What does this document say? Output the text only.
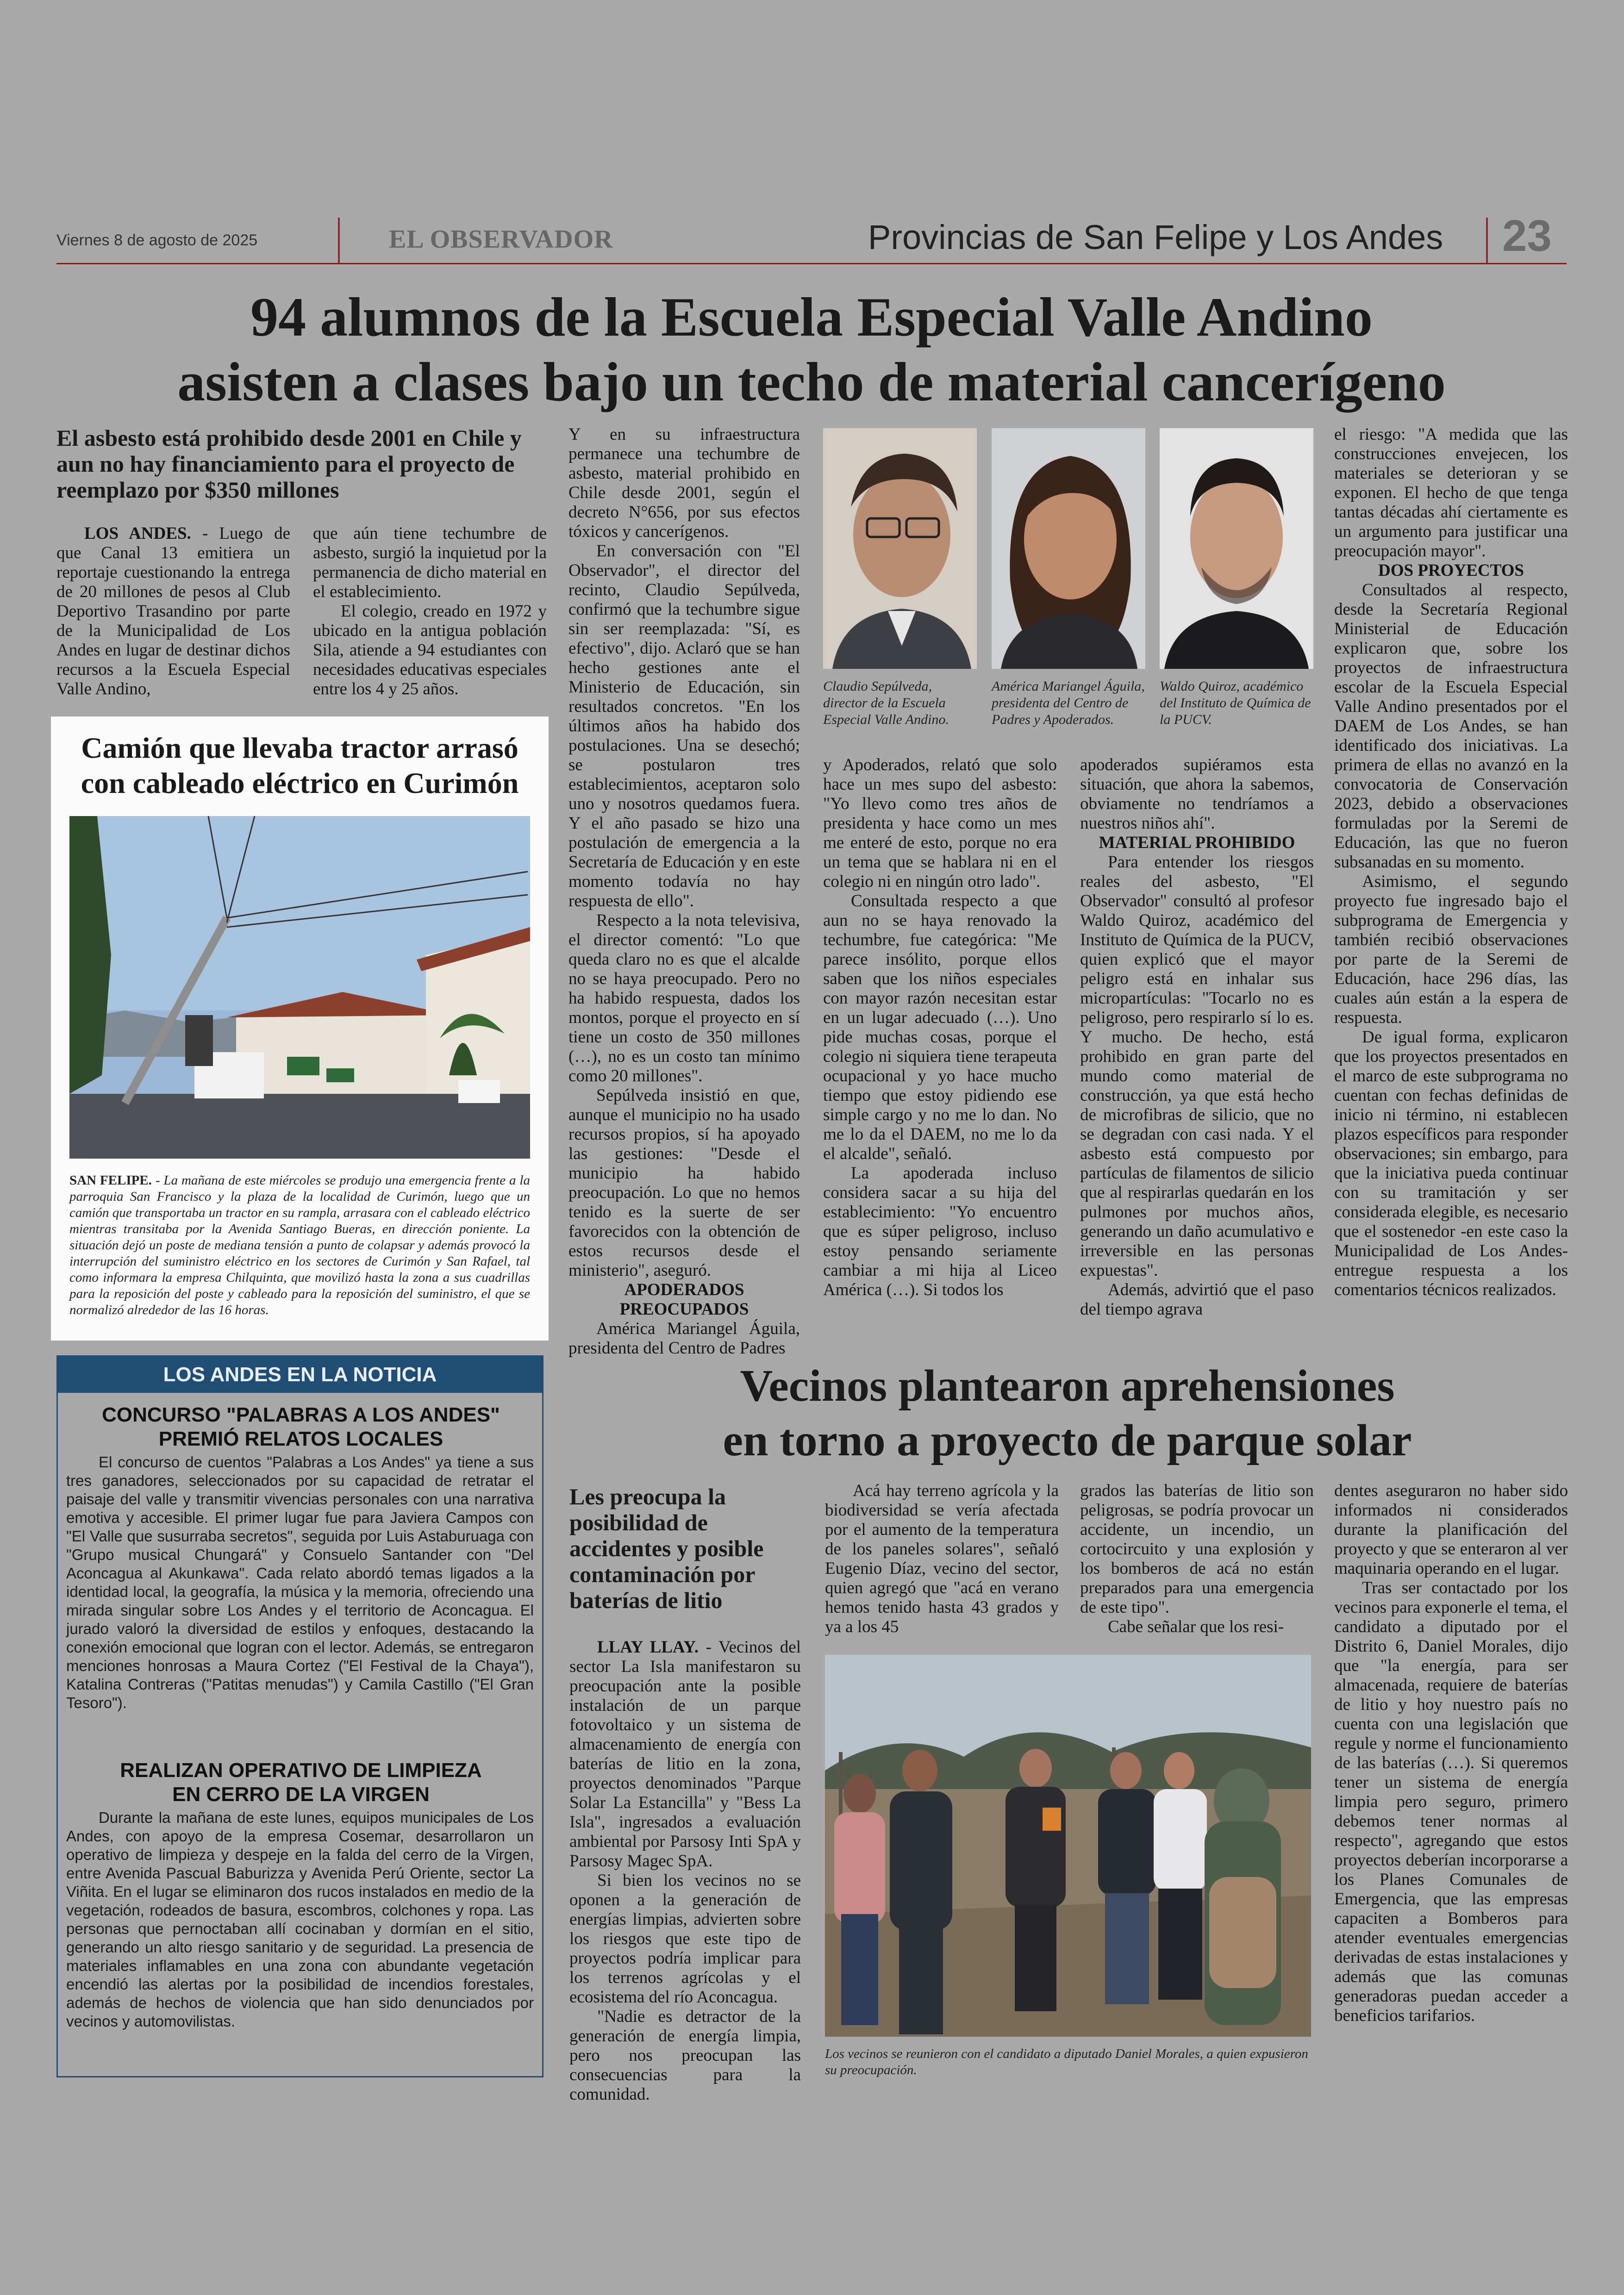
Viernes 8 de agosto de 2025	EL OBSERVADOR	Provincias de San Felipe y Los Andes 23
94 alumnos de la Escuela Especial Valle Andino
asisten a clases bajo un techo de material cancerígeno
El asbesto está prohibido desde 2001 en Chile y aun no hay financiamiento para el proyecto de reemplazo por $350 millones

LOS ANDES. - Luego de que Canal 13 emitiera un reportaje cuestionando la entrega de 20 millones de pesos al Club Deportivo Trasandino por parte de la Municipalidad de Los Andes en lugar de destinar dichos recursos a la Escuela Especial Valle Andino,

que aún tiene techumbre de asbesto, surgió la inquietud por la permanencia de dicho material en el establecimiento.

El colegio, creado en 1972 y ubicado en la antigua población Sila, atiende a 94 estudiantes con necesidades educativas especiales entre los 4 y 25 años.

Y en su infraestructura permanece una techumbre de asbesto, material prohibido en Chile desde 2001, según el decreto N°656, por sus efectos tóxicos y cancerígenos.

En conversación con "El Observador", el director del recinto, Claudio Sepúlveda, confirmó que la techumbre sigue sin ser reemplazada: "Sí, es efectivo", dijo. Aclaró que se han hecho gestiones ante el Ministerio de Educación, sin resultados concretos. "En los últimos años ha habido dos postulaciones. Una se desechó; se postularon tres establecimientos, aceptaron solo uno y nosotros quedamos fuera. Y el año pasado se hizo una postulación de emergencia a la Secretaría de Educación y en este momento todavía no hay respuesta de ello".

Respecto a la nota televisiva, el director comentó: "Lo que queda claro no es que el alcalde no se haya preocupado. Pero no ha habido respuesta, dados los montos, porque el proyecto en sí tiene un costo de 350 millones (…), no es un costo tan mínimo como 20 millones".

Sepúlveda insistió en que, aunque el municipio no ha usado recursos propios, sí ha apoyado las gestiones: "Desde el municipio ha habido preocupación. Lo que no hemos tenido es la suerte de ser favorecidos con la obtención de estos recursos desde el ministerio", aseguró.

APODERADOS PREOCUPADOS

América Mariangel Águila, presidenta del Centro de Padres

Claudio Sepúlveda, director de la Escuela Especial Valle Andino.
América Mariangel Águila, presidenta del Centro de Padres y Apoderados.
Waldo Quiroz, académico del Instituto de Química de la PUCV.

y Apoderados, relató que solo hace un mes supo del asbesto: "Yo llevo como tres años de presidenta y hace como un mes me enteré de esto, porque no era un tema que se hablara ni en el colegio ni en ningún otro lado".

Consultada respecto a que aun no se haya renovado la techumbre, fue categórica: "Me parece insólito, porque ellos saben que los niños especiales con mayor razón necesitan estar en un lugar adecuado (…). Uno pide muchas cosas, porque el colegio ni siquiera tiene terapeuta ocupacional y yo hace mucho tiempo que estoy pidiendo ese simple cargo y no me lo dan. No me lo da el DAEM, no me lo da el alcalde", señaló.

La apoderada incluso considera sacar a su hija del establecimiento: "Yo encuentro que es súper peligroso, incluso estoy pensando seriamente cambiar a mi hija al Liceo América (…). Si todos los

apoderados supiéramos esta situación, que ahora la sabemos, obviamente no tendríamos a nuestros niños ahí".

MATERIAL PROHIBIDO

Para entender los riesgos reales del asbesto, "El Observador" consultó al profesor Waldo Quiroz, académico del Instituto de Química de la PUCV, quien explicó que el mayor peligro está en inhalar sus micropartículas: "Tocarlo no es peligroso, pero respirarlo sí lo es. Y mucho. De hecho, está prohibido en gran parte del mundo como material de construcción, ya que está hecho de microfibras de silicio, que no se degradan con casi nada. Y el asbesto está compuesto por partículas de filamentos de silicio que al respirarlas quedarán en los pulmones por muchos años, generando un daño acumulativo e irreversible en las personas expuestas".

Además, advirtió que el paso del tiempo agrava

el riesgo: "A medida que las construcciones envejecen, los materiales se deterioran y se exponen. El hecho de que tenga tantas décadas ahí ciertamente es un argumento para justificar una preocupación mayor".

DOS PROYECTOS

Consultados al respecto, desde la Secretaría Regional Ministerial de Educación explicaron que, sobre los proyectos de infraestructura escolar de la Escuela Especial Valle Andino presentados por el DAEM de Los Andes, se han identificado dos iniciativas. La primera de ellas no avanzó en la convocatoria de Conservación 2023, debido a observaciones formuladas por la Seremi de Educación, las que no fueron subsanadas en su momento.

Asimismo, el segundo proyecto fue ingresado bajo el subprograma de Emergencia y también recibió observaciones por parte de la Seremi de Educación, hace 296 días, las cuales aún están a la espera de respuesta.

De igual forma, explicaron que los proyectos presentados en el marco de este subprograma no cuentan con fechas definidas de inicio ni término, ni establecen plazos específicos para responder observaciones; sin embargo, para que la iniciativa pueda continuar con su tramitación y ser considerada elegible, es necesario que el sostenedor -en este caso la Municipalidad de Los Andes- entregue respuesta a los comentarios técnicos realizados.

Camión que llevaba tractor arrasó con cableado eléctrico en Curimón
SAN FELIPE. - La mañana de este miércoles se produjo una emergencia frente a la parroquia San Francisco y la plaza de la localidad de Curimón, luego que un camión que transportaba un tractor en su rampla, arrasara con el cableado eléctrico mientras transitaba por la Avenida Santiago Bueras, en dirección poniente. La situación dejó un poste de mediana tensión a punto de colapsar y además provocó la interrupción del suministro eléctrico en los sectores de Curimón y San Rafael, tal como informara la empresa Chilquinta, que movilizó hasta la zona a sus cuadrillas para la reposición del poste y cableado para la reposición del suministro, el que se normalizó alrededor de las 16 horas.
LOS ANDES EN LA NOTICIA
CONCURSO "PALABRAS A LOS ANDES" PREMIÓ RELATOS LOCALES
El concurso de cuentos "Palabras a Los Andes" ya tiene a sus tres ganadores, seleccionados por su capacidad de retratar el paisaje del valle y transmitir vivencias personales con una narrativa emotiva y accesible. El primer lugar fue para Javiera Campos con "El Valle que susurraba secretos", seguida por Luis Astaburuaga con "Grupo musical Chungará" y Consuelo Santander con "Del Aconcagua al Akunkawa". Cada relato abordó temas ligados a la identidad local, la geografía, la música y la memoria, ofreciendo una mirada singular sobre Los Andes y el territorio de Aconcagua. El jurado valoró la diversidad de estilos y enfoques, destacando la conexión emocional que logran con el lector. Además, se entregaron menciones honrosas a Maura Cortez ("El Festival de la Chaya"), Katalina Contreras ("Patitas menudas") y Camila Castillo ("El Gran Tesoro").
REALIZAN OPERATIVO DE LIMPIEZA EN CERRO DE LA VIRGEN
Durante la mañana de este lunes, equipos municipales de Los Andes, con apoyo de la empresa Cosemar, desarrollaron un operativo de limpieza y despeje en la falda del cerro de la Virgen, entre Avenida Pascual Baburizza y Avenida Perú Oriente, sector La Viñita. En el lugar se eliminaron dos rucos instalados en medio de la vegetación, rodeados de basura, escombros, colchones y ropa. Las personas que pernoctaban allí cocinaban y dormían en el sitio, generando un alto riesgo sanitario y de seguridad. La presencia de materiales inflamables en una zona con abundante vegetación encendió las alertas por la posibilidad de incendios forestales, además de hechos de violencia que han sido denunciados por vecinos y automovilistas.
Vecinos plantearon aprehensiones
en torno a proyecto de parque solar
Les preocupa la posibilidad de accidentes y posible contaminación por baterías de litio

LLAY LLAY. - Vecinos del sector La Isla manifestaron su preocupación ante la posible instalación de un parque fotovoltaico y un sistema de almacenamiento de energía con baterías de litio en la zona, proyectos denominados "Parque Solar La Estancilla" y "Bess La Isla", ingresados a evaluación ambiental por Parsosy Inti SpA y Parsosy Magec SpA.

Si bien los vecinos no se oponen a la generación de energías limpias, advierten sobre los riesgos que este tipo de proyectos podría implicar para los terrenos agrícolas y el ecosistema del río Aconcagua.

"Nadie es detractor de la generación de energía limpia, pero nos preocupan las consecuencias para la comunidad.

Acá hay terreno agrícola y la biodiversidad se vería afectada por el aumento de la temperatura de los paneles solares", señaló Eugenio Díaz, vecino del sector, quien agregó que "acá en verano hemos tenido hasta 43 grados y ya a los 45

grados las baterías de litio son peligrosas, se podría provocar un accidente, un incendio, un cortocircuito y una explosión y los bomberos de acá no están preparados para una emergencia de este tipo".

Cabe señalar que los resi-

Los vecinos se reunieron con el candidato a diputado Daniel Morales, a quien expusieron su preocupación.

dentes aseguraron no haber sido informados ni considerados durante la planificación del proyecto y que se enteraron al ver maquinaria operando en el lugar.

Tras ser contactado por los vecinos para exponerle el tema, el candidato a diputado por el Distrito 6, Daniel Morales, dijo que "la energía, para ser almacenada, requiere de baterías de litio y hoy nuestro país no cuenta con una legislación que regule y norme el funcionamiento de las baterías (…). Si queremos tener un sistema de energía limpia pero seguro, primero debemos tener normas al respecto", agregando que estos proyectos deberían incorporarse a los Planes Comunales de Emergencia, que las empresas capaciten a Bomberos para atender eventuales emergencias derivadas de estas instalaciones y además que las comunas generadoras puedan acceder a beneficios tarifarios.
